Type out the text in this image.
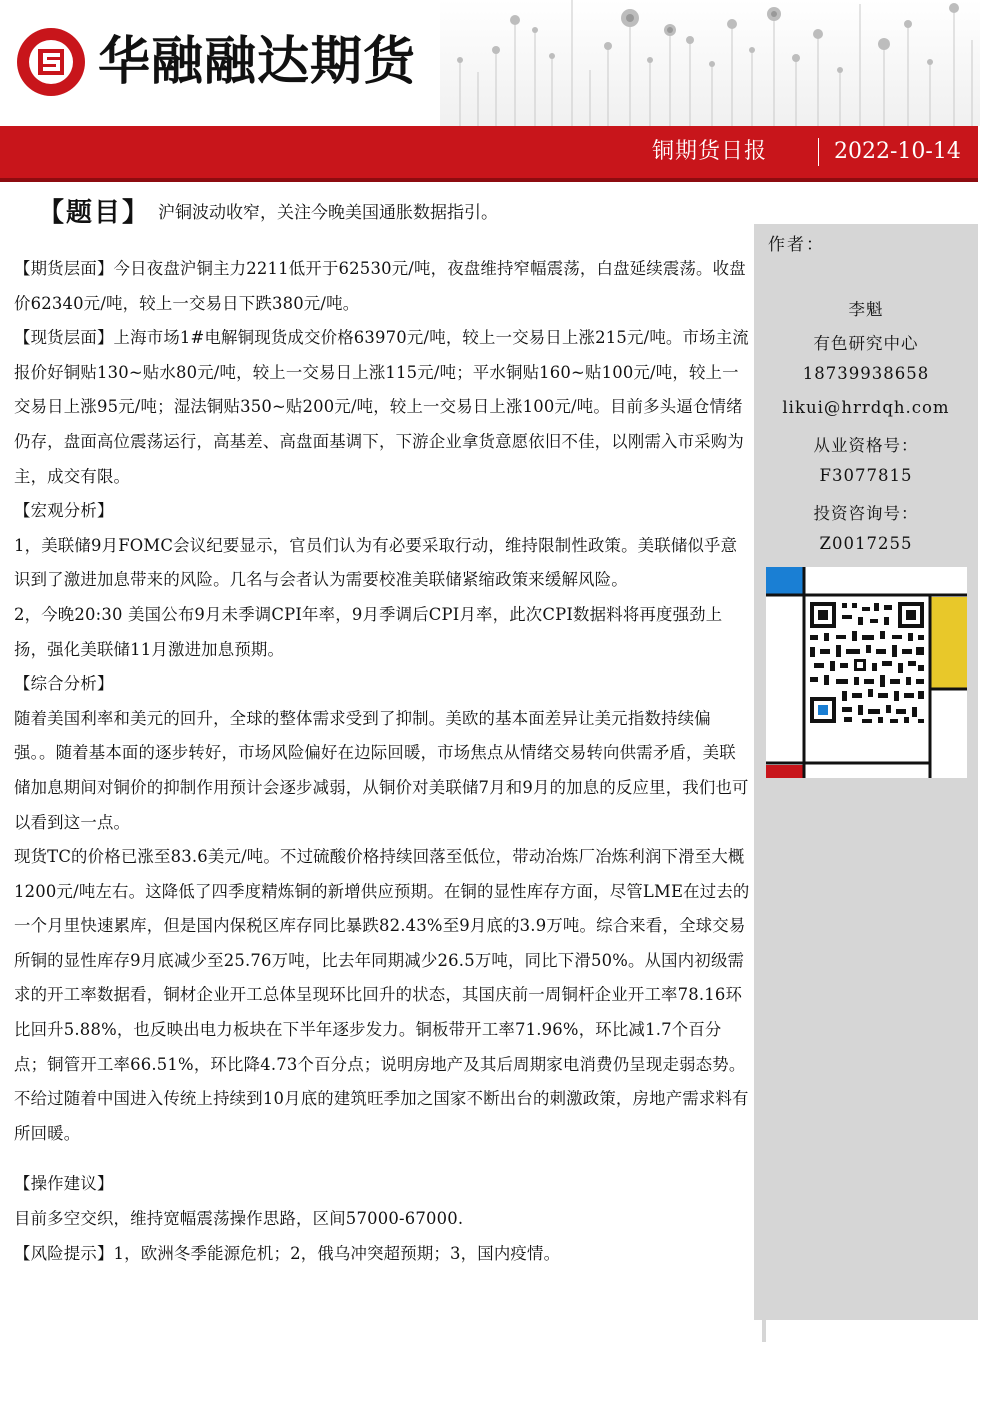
华融融达期货
铜期货日报	2022-10-14
【题目】 沪铜波动收窄，关注今晚美国通胀数据指引。
作者：
李魁
有色研究中心
18739938658
likui@hrrdqh.com
从业资格号：
F3077815
投资咨询号：
Z0017255

【期货层面】今日夜盘沪铜主力2211低开于62530元/吨，夜盘维持窄幅震荡，白盘延续震荡。收盘价62340元/吨，较上一交易日下跌380元/吨。

【现货层面】上海市场1#电解铜现货成交价格63970元/吨，较上一交易日上涨215元/吨。市场主流报价好铜贴130~贴水80元/吨，较上一交易日上涨115元/吨；平水铜贴160~贴100元/吨，较上一交易日上涨95元/吨；湿法铜贴350~贴200元/吨，较上一交易日上涨100元/吨。目前多头逼仓情绪仍存，盘面高位震荡运行，高基差、高盘面基调下，下游企业拿货意愿依旧不佳，以刚需入市采购为主，成交有限。

【宏观分析】

1，美联储9月FOMC会议纪要显示，官员们认为有必要采取行动，维持限制性政策。美联储似乎意识到了激进加息带来的风险。几名与会者认为需要校准美联储紧缩政策来缓解风险。

2，今晚20:30 美国公布9月未季调CPI年率，9月季调后CPI月率，此次CPI数据料将再度强劲上扬，强化美联储11月激进加息预期。

【综合分析】

随着美国利率和美元的回升，全球的整体需求受到了抑制。美欧的基本面差异让美元指数持续偏强。。随着基本面的逐步转好，市场风险偏好在边际回暖，市场焦点从情绪交易转向供需矛盾，美联储加息期间对铜价的抑制作用预计会逐步减弱，从铜价对美联储7月和9月的加息的反应里，我们也可以看到这一点。

现货TC的价格已涨至83.6美元/吨。不过硫酸价格持续回落至低位，带动冶炼厂冶炼利润下滑至大概1200元/吨左右。这降低了四季度精炼铜的新增供应预期。在铜的显性库存方面，尽管LME在过去的一个月里快速累库，但是国内保税区库存同比暴跌82.43%至9月底的3.9万吨。综合来看，全球交易所铜的显性库存9月底减少至25.76万吨，比去年同期减少26.5万吨，同比下滑50%。从国内初级需求的开工率数据看，铜材企业开工总体呈现环比回升的状态，其国庆前一周铜杆企业开工率78.16环比回升5.88%，也反映出电力板块在下半年逐步发力。铜板带开工率71.96%，环比减1.7个百分点；铜管开工率66.51%，环比降4.73个百分点；说明房地产及其后周期家电消费仍呈现走弱态势。不给过随着中国进入传统上持续到10月底的建筑旺季加之国家不断出台的刺激政策，房地产需求料有所回暖。

【操作建议】

目前多空交织，维持宽幅震荡操作思路，区间57000-67000.

【风险提示】1，欧洲冬季能源危机；2，俄乌冲突超预期；3，国内疫情。
